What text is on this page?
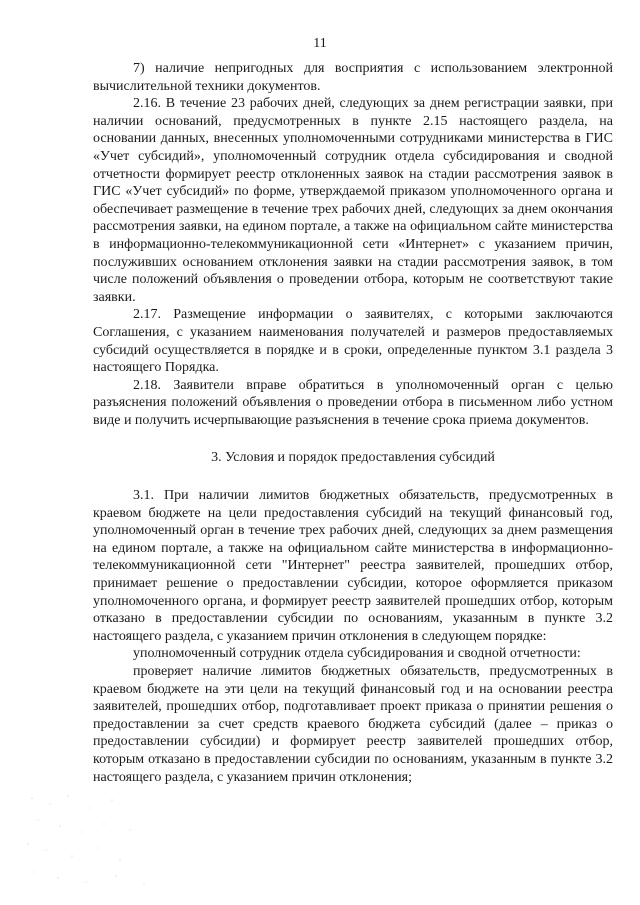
11

7) наличие непригодных для восприятия с использованием электронной вычислительной техники документов.

2.16. В течение 23 рабочих дней, следующих за днем регистрации заявки, при наличии оснований, предусмотренных в пункте 2.15 настоящего раздела, на основании данных, внесенных уполномоченными сотрудниками министерства в ГИС «Учет субсидий», уполномоченный сотрудник отдела субсидирования и сводной отчетности формирует реестр отклоненных заявок на стадии рассмотрения заявок в ГИС «Учет субсидий» по форме, утверждаемой приказом уполномоченного органа и обеспечивает размещение в течение трех рабочих дней, следующих за днем окончания рассмотрения заявки, на едином портале, а также на официальном сайте министерства в информационно-телекоммуникационной сети «Интернет» с указанием причин, послуживших основанием отклонения заявки на стадии рассмотрения заявок, в том числе положений объявления о проведении отбора, которым не соответствуют такие заявки.

2.17. Размещение информации о заявителях, с которыми заключаются Соглашения, с указанием наименования получателей и размеров предоставляемых субсидий осуществляется в порядке и в сроки, определенные пунктом 3.1 раздела 3 настоящего Порядка.

2.18. Заявители вправе обратиться в уполномоченный орган с целью разъяснения положений объявления о проведении отбора в письменном либо устном виде и получить исчерпывающие разъяснения в течение срока приема документов.

3. Условия и порядок предоставления субсидий

3.1. При наличии лимитов бюджетных обязательств, предусмотренных в краевом бюджете на цели предоставления субсидий на текущий финансовый год, уполномоченный орган в течение трех рабочих дней, следующих за днем размещения на едином портале, а также на официальном сайте министерства в информационно-телекоммуникационной сети "Интернет" реестра заявителей, прошедших отбор, принимает решение о предоставлении субсидии, которое оформляется приказом уполномоченного органа, и формирует реестр заявителей прошедших отбор, которым отказано в предоставлении субсидии по основаниям, указанным в пункте 3.2 настоящего раздела, с указанием причин отклонения в следующем порядке:

уполномоченный сотрудник отдела субсидирования и сводной отчетности:

проверяет наличие лимитов бюджетных обязательств, предусмотренных в краевом бюджете на эти цели на текущий финансовый год и на основании реестра заявителей, прошедших отбор, подготавливает проект приказа о принятии решения о предоставлении за счет средств краевого бюджета субсидий (далее – приказ о предоставлении субсидии) и формирует реестр заявителей прошедших отбор, которым отказано в предоставлении субсидии по основаниям, указанным в пункте 3.2 настоящего раздела, с указанием причин отклонения;
